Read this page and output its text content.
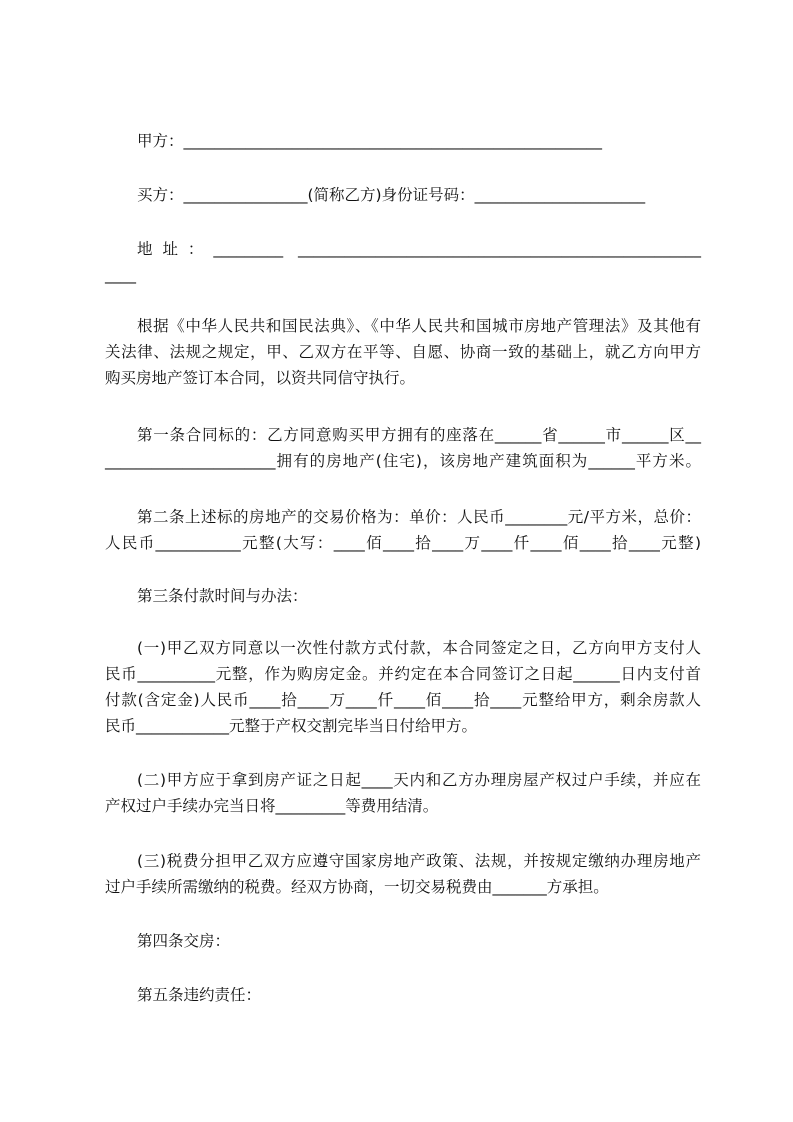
甲方：______________________________________________________
买方：________________(简称乙方)身份证号码：______________________
地址：_________ ____________________________________________________
____
根据《中华人民共和国民法典》、《中华人民共和国城市房地产管理法》及其他有
关法律、法规之规定，甲、乙双方在平等、自愿、协商一致的基础上，就乙方向甲方
购买房地产签订本合同，以资共同信守执行。
第一条合同标的：乙方同意购买甲方拥有的座落在______省______市______区__
______________________拥有的房地产(住宅)，该房地产建筑面积为______平方米。
第二条上述标的房地产的交易价格为：单价：人民币________元/平方米，总价：
人民币___________元整(大写：____佰____拾____万____仟____佰____拾____元整)
第三条付款时间与办法：
(一)甲乙双方同意以一次性付款方式付款，本合同签定之日，乙方向甲方支付人
民币__________元整，作为购房定金。并约定在本合同签订之日起______日内支付首
付款(含定金)人民币____拾____万____仟____佰____拾____元整给甲方，剩余房款人
民币____________元整于产权交割完毕当日付给甲方。
(二)甲方应于拿到房产证之日起____天内和乙方办理房屋产权过户手续，并应在
产权过户手续办完当日将_________等费用结清。
(三)税费分担甲乙双方应遵守国家房地产政策、法规，并按规定缴纳办理房地产
过户手续所需缴纳的税费。经双方协商，一切交易税费由_______方承担。
第四条交房：
第五条违约责任：
